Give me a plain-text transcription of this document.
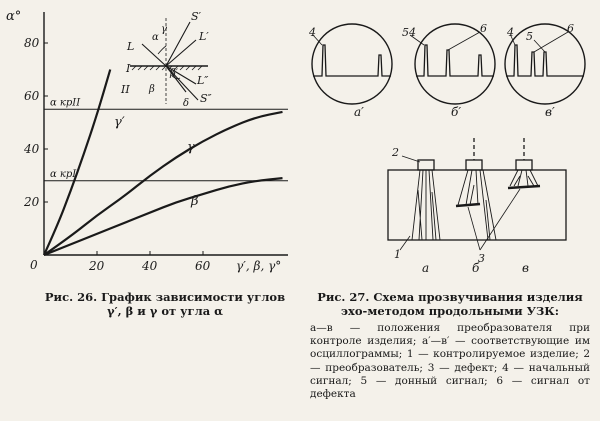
0
20
40
60
80
20	40	60
α крII
α крI
α°
γ′, β, γ°
γ′
γ
β
L
I
II
α
γ
S′
L′
β′
β
L″
S″
δ
4	54	6 4 5
6
а′	б′	в′
2
1	3
а	б	в
Рис. 26. График зависимости углов
γ′, β и γ от угла α
Рис. 27. Схема прозвучивания изделия
эхо-методом продольными УЗК:
а—в — положения преобразователя при контроле изделия; а′—в′ — соответствующие им осциллограммы; 1 — контролируемое изделие; 2 — преобразователь; 3 — дефект; 4 — начальный сигнал; 5 — донный сигнал; 6 — сигнал от дефекта
